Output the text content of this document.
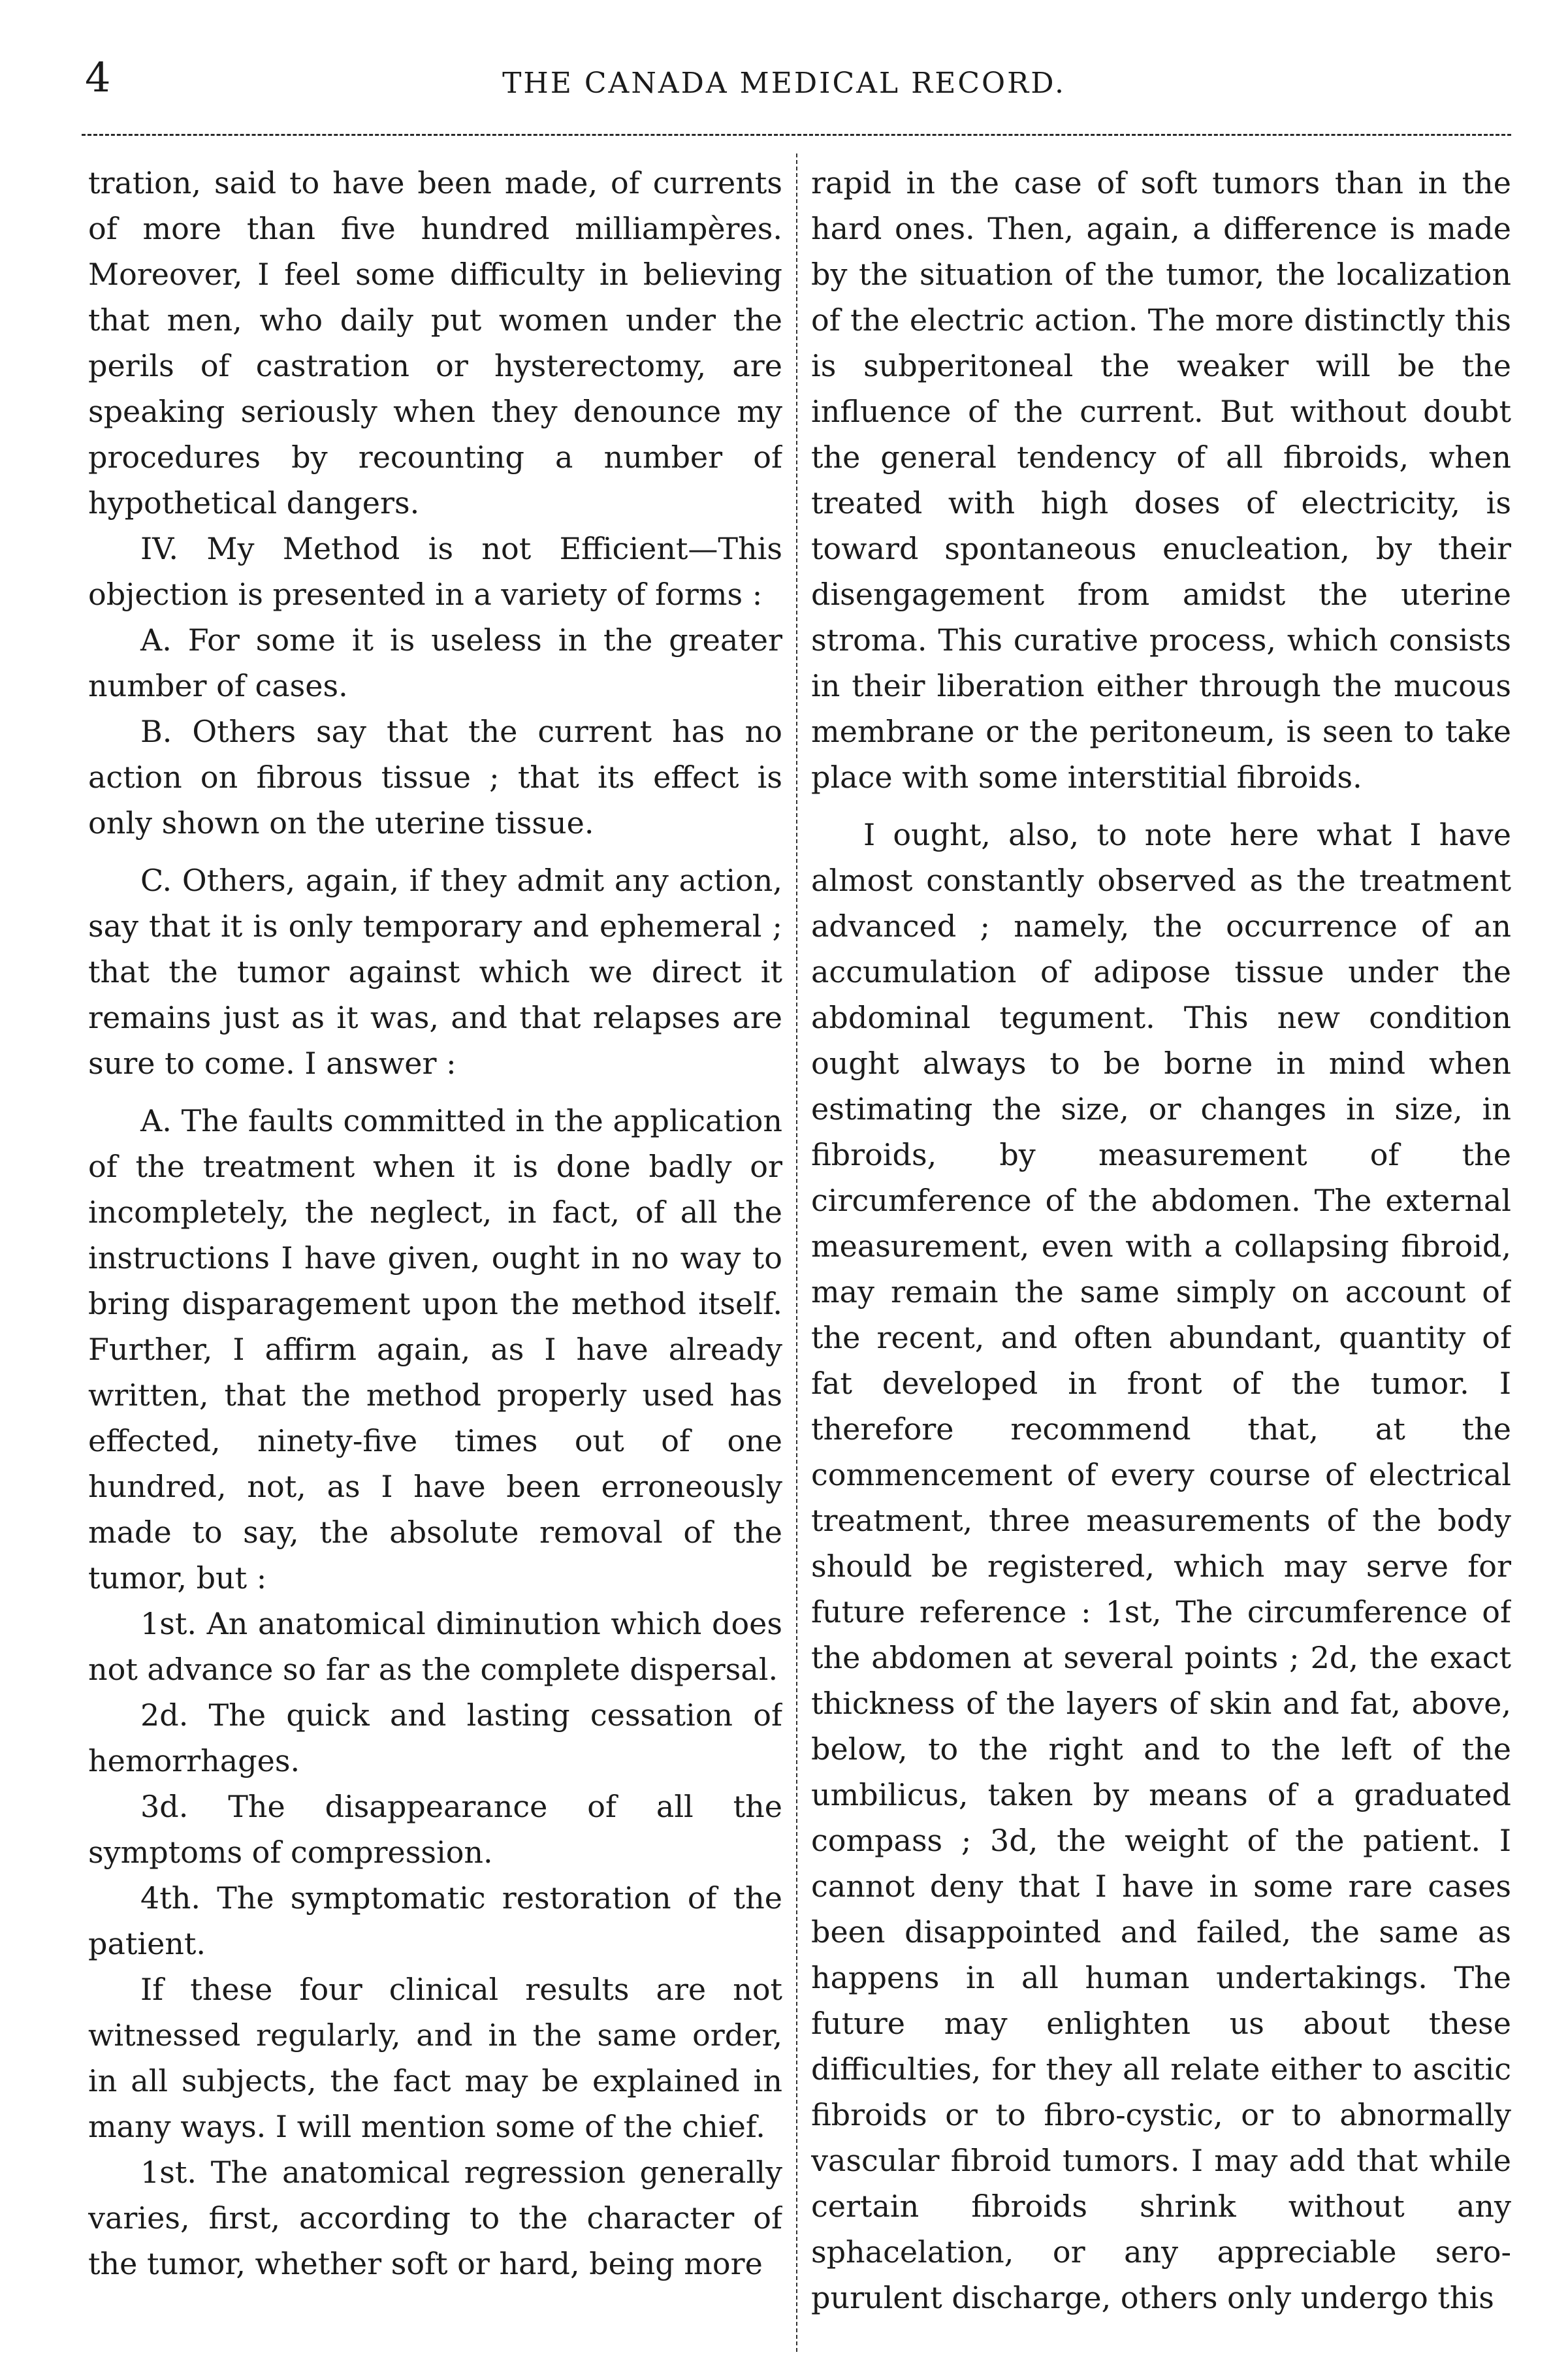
4	THE CANADA MEDICAL RECORD.

tration, said to have been made, of currents of more than five hundred milliampères. Moreover, I feel some difficulty in believing that men, who daily put women under the perils of castration or hysterectomy, are speaking seriously when they denounce my procedures by recounting a number of hypothetical dangers.

IV. My Method is not Efficient—This objection is presented in a variety of forms :

A. For some it is useless in the greater number of cases.

B. Others say that the current has no action on fibrous tissue ; that its effect is only shown on the uterine tissue.

C. Others, again, if they admit any action, say that it is only temporary and ephemeral ; that the tumor against which we direct it remains just as it was, and that relapses are sure to come. I answer :

A. The faults committed in the application of the treatment when it is done badly or incompletely, the neglect, in fact, of all the instructions I have given, ought in no way to bring disparagement upon the method itself. Further, I affirm again, as I have already written, that the method properly used has effected, ninety-five times out of one hundred, not, as I have been erroneously made to say, the absolute removal of the tumor, but :

1st. An anatomical diminution which does not advance so far as the complete dispersal.

2d. The quick and lasting cessation of hemorrhages.

3d. The disappearance of all the symptoms of compression.

4th. The symptomatic restoration of the patient.

If these four clinical results are not witnessed regularly, and in the same order, in all subjects, the fact may be explained in many ways. I will mention some of the chief.

1st. The anatomical regression generally varies, first, according to the character of the tumor, whether soft or hard, being more

rapid in the case of soft tumors than in the hard ones. Then, again, a difference is made by the situation of the tumor, the localization of the electric action. The more distinctly this is subperitoneal the weaker will be the influence of the current. But without doubt the general tendency of all fibroids, when treated with high doses of electricity, is toward spontaneous enucleation, by their disengagement from amidst the uterine stroma. This curative process, which consists in their liberation either through the mucous membrane or the peritoneum, is seen to take place with some interstitial fibroids.

I ought, also, to note here what I have almost constantly observed as the treatment advanced ; namely, the occurrence of an accumulation of adipose tissue under the abdominal tegument. This new condition ought always to be borne in mind when estimating the size, or changes in size, in fibroids, by measurement of the circumference of the abdomen. The external measurement, even with a collapsing fibroid, may remain the same simply on account of the recent, and often abundant, quantity of fat developed in front of the tumor. I therefore recommend that, at the commencement of every course of electrical treatment, three measurements of the body should be registered, which may serve for future reference : 1st, The circumference of the abdomen at several points ; 2d, the exact thickness of the layers of skin and fat, above, below, to the right and to the left of the umbilicus, taken by means of a graduated compass ; 3d, the weight of the patient. I cannot deny that I have in some rare cases been disappointed and failed, the same as happens in all human undertakings. The future may enlighten us about these difficulties, for they all relate either to ascitic fibroids or to fibro-cystic, or to abnormally vascular fibroid tumors. I may add that while certain fibroids shrink without any sphacelation, or any appreciable sero-purulent discharge, others only undergo this
